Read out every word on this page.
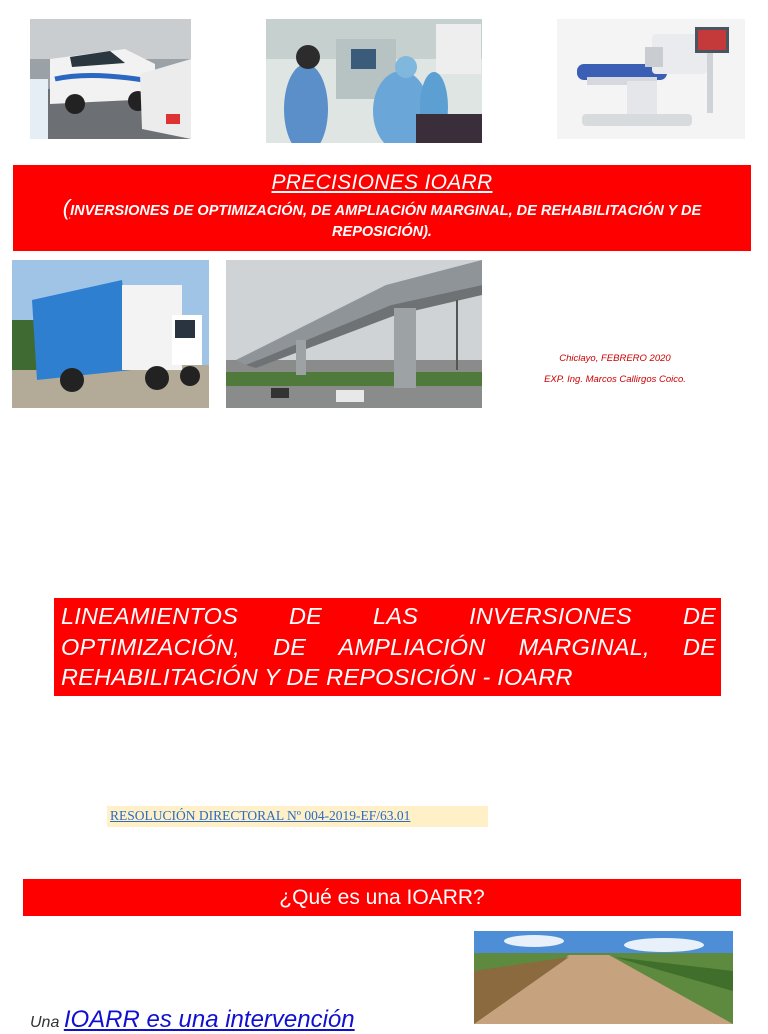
PRECISIONES IOARR
(INVERSIONES DE OPTIMIZACIÓN, DE AMPLIACIÓN MARGINAL, DE REHABILITACIÓN Y DE REPOSICIÓN).
Chiclayo, FEBRERO 2020
EXP. Ing. Marcos Callirgos Coico.
LINEAMIENTOS DE LAS INVERSIONES DE OPTIMIZACIÓN, DE AMPLIACIÓN MARGINAL, DE REHABILITACIÓN Y DE REPOSICIÓN - IOARR
RESOLUCIÓN DIRECTORAL Nº 004-2019-EF/63.01
¿Qué es una IOARR?
Una IOARR es una intervención
